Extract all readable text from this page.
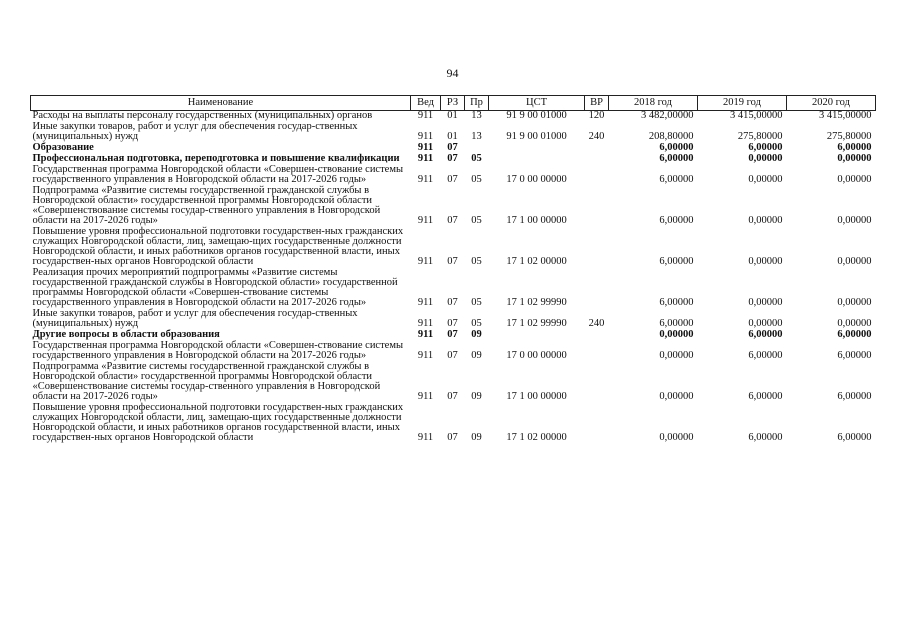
94
Наименование	Вед	РЗ	Пр	ЦСТ	ВР	2018 год	2019 год	2020 год
Расходы на выплаты персоналу государственных (муниципальных) органов	911	01	13	91 9 00 01000	120	3 482,00000	3 415,00000	3 415,00000
Иные закупки товаров, работ и услуг для обеспечения государ-ственных (муниципальных) нужд	911	01	13	91 9 00 01000	240	208,80000	275,80000	275,80000
Образование	911	07				6,00000	6,00000	6,00000
Профессиональная подготовка, переподготовка и повышение квалификации	911	07	05			6,00000	0,00000	0,00000
Государственная программа Новгородской области «Совершен-ствование системы государственного управления в Новгородской области на 2017-2026 годы»	911	07	05	17 0 00 00000		6,00000	0,00000	0,00000
Подпрограмма «Развитие системы государственной гражданской службы в Новгородской области» государственной программы Новгородской области «Совершенствование системы государ-ственного управления в Новгородской области на 2017-2026 годы»	911	07	05	17 1 00 00000		6,00000	0,00000	0,00000
Повышение уровня профессиональной подготовки государствен-ных гражданских служащих Новгородской области, лиц, замещаю-щих государственные должности Новгородской области, и иных работников органов государственной власти, иных государствен-ных органов Новгородской области	911	07	05	17 1 02 00000		6,00000	0,00000	0,00000
Реализация прочих мероприятий подпрограммы «Развитие системы государственной гражданской службы в Новгородской области» государственной программы Новгородской области «Совершен-ствование системы государственного управления в Новгородской области на 2017-2026 годы»	911	07	05	17 1 02 99990		6,00000	0,00000	0,00000
Иные закупки товаров, работ и услуг для обеспечения государ-ственных (муниципальных) нужд	911	07	05	17 1 02 99990	240	6,00000	0,00000	0,00000
Другие вопросы в области образования	911	07	09			0,00000	6,00000	6,00000
Государственная программа Новгородской области «Совершен-ствование системы государственного управления в Новгородской области на 2017-2026 годы»	911	07	09	17 0 00 00000		0,00000	6,00000	6,00000
Подпрограмма «Развитие системы государственной гражданской службы в Новгородской области» государственной программы Новгородской области «Совершенствование системы государ-ственного управления в Новгородской области на 2017-2026 годы»	911	07	09	17 1 00 00000		0,00000	6,00000	6,00000
Повышение уровня профессиональной подготовки государствен-ных гражданских служащих Новгородской области, лиц, замещаю-щих государственные должности Новгородской области, и иных работников органов государственной власти, иных государствен-ных органов Новгородской области	911	07	09	17 1 02 00000		0,00000	6,00000	6,00000
